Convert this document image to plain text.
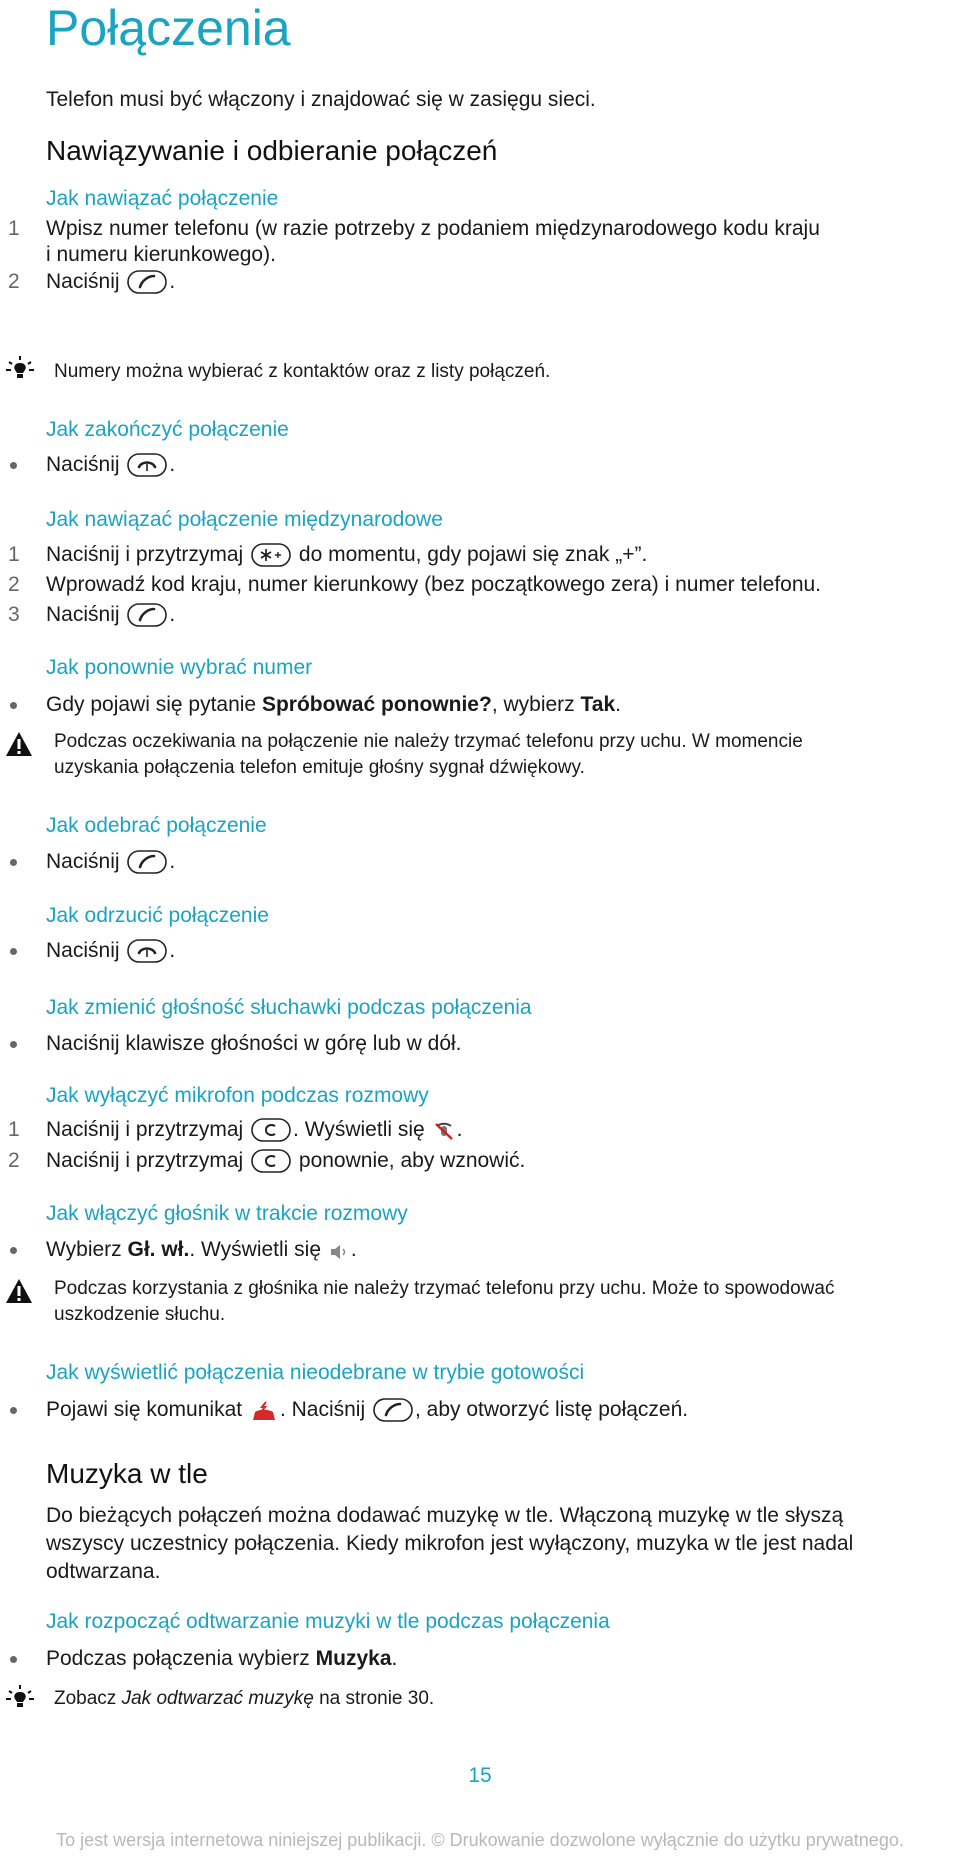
Połączenia
Telefon musi być włączony i znajdować się w zasięgu sieci.
Nawiązywanie i odbieranie połączeń
Jak nawiązać połączenie
1	Wpisz numer telefonu (w razie potrzeby z podaniem międzynarodowego kodu kraju
i numeru kierunkowego).
2	Naciśnij .
Numery można wybierać z kontaktów oraz z listy połączeń.
Jak zakończyć połączenie
Naciśnij .
Jak nawiązać połączenie międzynarodowe
1	Naciśnij i przytrzymaj	do momentu, gdy pojawi się znak „+”.
2	Wprowadź kod kraju, numer kierunkowy (bez początkowego zera) i numer telefonu.
3	Naciśnij .
Jak ponownie wybrać numer
Gdy pojawi się pytanie Spróbować ponownie?, wybierz Tak.
Podczas oczekiwania na połączenie nie należy trzymać telefonu przy uchu. W momencie
uzyskania połączenia telefon emituje głośny sygnał dźwiękowy.
Jak odebrać połączenie
Naciśnij .
Jak odrzucić połączenie
Naciśnij .
Jak zmienić głośność słuchawki podczas połączenia
Naciśnij klawisze głośności w górę lub w dół.
Jak wyłączyć mikrofon podczas rozmowy
1	Naciśnij i przytrzymaj . Wyświetli się .
2	Naciśnij i przytrzymaj	ponownie, aby wznowić.
Jak włączyć głośnik w trakcie rozmowy
Wybierz Gł. wł.. Wyświetli się .
Podczas korzystania z głośnika nie należy trzymać telefonu przy uchu. Może to spowodować
uszkodzenie słuchu.
Jak wyświetlić połączenia nieodebrane w trybie gotowości
Pojawi się komunikat . Naciśnij , aby otworzyć listę połączeń.
Muzyka w tle
Do bieżących połączeń można dodawać muzykę w tle. Włączoną muzykę w tle słyszą
wszyscy uczestnicy połączenia. Kiedy mikrofon jest wyłączony, muzyka w tle jest nadal
odtwarzana.
Jak rozpocząć odtwarzanie muzyki w tle podczas połączenia
Podczas połączenia wybierz Muzyka.
Zobacz Jak odtwarzać muzykę na stronie 30.
15
To jest wersja internetowa niniejszej publikacji. © Drukowanie dozwolone wyłącznie do użytku prywatnego.
